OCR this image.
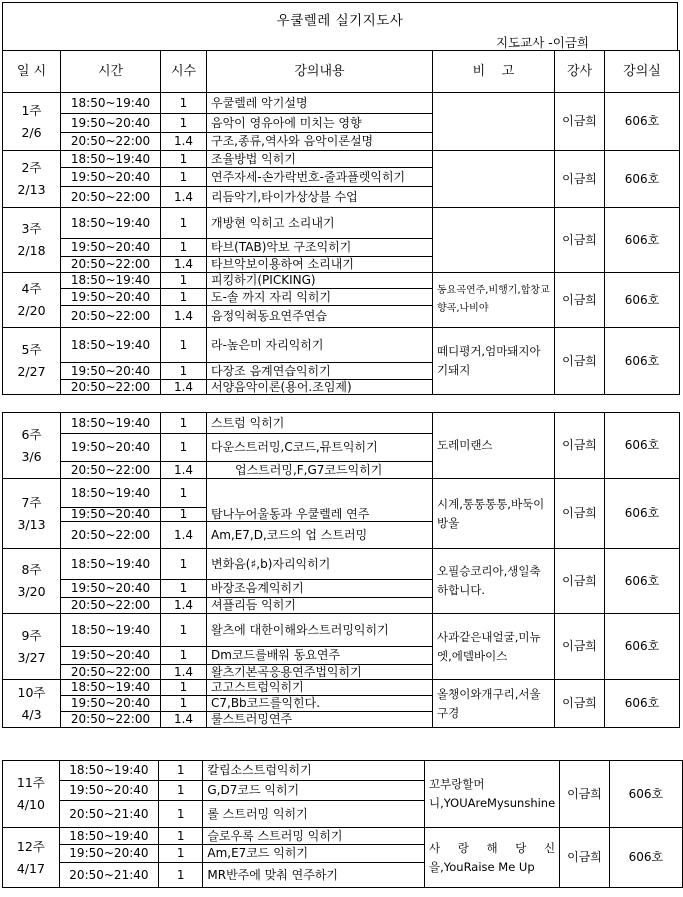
우쿨렐레 실기지도사
지도교사 -이금희
일 시	시간	시수	강의내용	비    고	강사	강의실

1주
2/6	18:50~19:40	1	우쿨렐레 악기설명		이금희	606호
	19:50~20:40	1	음악이 영유아에 미치는 영향			
	20:50~22:00	1.4	구조,종류,역사와 음악이론설명			

2주
2/13	18:50~19:40	1	조율방법 익히기		이금희	606호
	19:50~20:40	1	연주자세-손가락번호-줄과플렛익히기			
	20:50~22:00	1.4	리듬악기,타이가상상블 수업			

3주
2/18	18:50~19:40	1	개방현 익히고 소리내기		이금희	606호
	19:50~20:40	1	타브(TAB)악보 구조익히기			
	20:50~22:00	1.4	타브악보이용하여 소리내기			

4주
2/20	18:50~19:40	1	피킹하기(PICKING)	동요곡연주,비행기,합창교향곡,나비야	이금희	606호
	19:50~20:40	1	도-솔 까지 자리 익히기			
	20:50~22:00	1.4	음정익혀동요연주연습			

5주
2/27	18:50~19:40	1	라-높은미 자리익히기	떼디평거,엄마돼지아기돼지	이금희	606호
	19:50~20:40	1	다장조 음계연습익히기			
	20:50~22:00	1.4	서양음악이론(용어.조임제)			
6주
3/6	18:50~19:40	1	스트럼 익히기	도레미랜스	이금희	606호
	19:50~20:40	1	다운스트러밍,C코드,뮤트익히기			
	20:50~22:00	1.4	업스트러밍,F,G7코드익히기			

7주
3/13	18:50~19:40	1		시계,통통통통,바둑이방울	이금희	606호
	19:50~20:40	1	탐나누어울동과 우쿨렐레 연주			
	20:50~22:00	1.4	Am,E7,D,코드의 업 스트러밍			

8주
3/20	18:50~19:40	1	변화음(♯,b)자리익히기	오필승코리아,생일축하합니다.	이금희	606호
	19:50~20:40	1	바장조음계익히기			
	20:50~22:00	1.4	셔플리듬 익히기			

9주
3/27	18:50~19:40	1	왈츠에 대한이해와스트러밍익히기	사과같은내얼굴,미뉴엣,에델바이스	이금희	606호
	19:50~20:40	1	Dm코드를배워 동요연주			
	20:50~22:00	1.4	왈츠기본곡응용연주법익히기			

10주
4/3	18:50~19:40	1	고고스트럼익히기	올챙이와개구리,서울구경	이금희	606호
	19:50~20:40	1	C7,Bb코드를익힌다.			
	20:50~22:00	1.4	룰스트러밍연주			
11주
4/10	18:50~19:40	1	칼립소스트럼익히기	꼬부랑할머니,YOUAreMysunshine	이금희	606호
	19:50~20:40	1	G,D7코드 익히기			
	20:50~21:40	1	롤 스트러밍 익히기			

12주
4/17	18:50~19:40	1	슬로우록 스트러밍 익히기	사 랑 해 당 신 을,YouRaise Me Up	이금희	606호
	19:50~20:40	1	Am,E7코드 익히기			
	20:50~21:40	1	MR반주에 맞춰 연주하기			
